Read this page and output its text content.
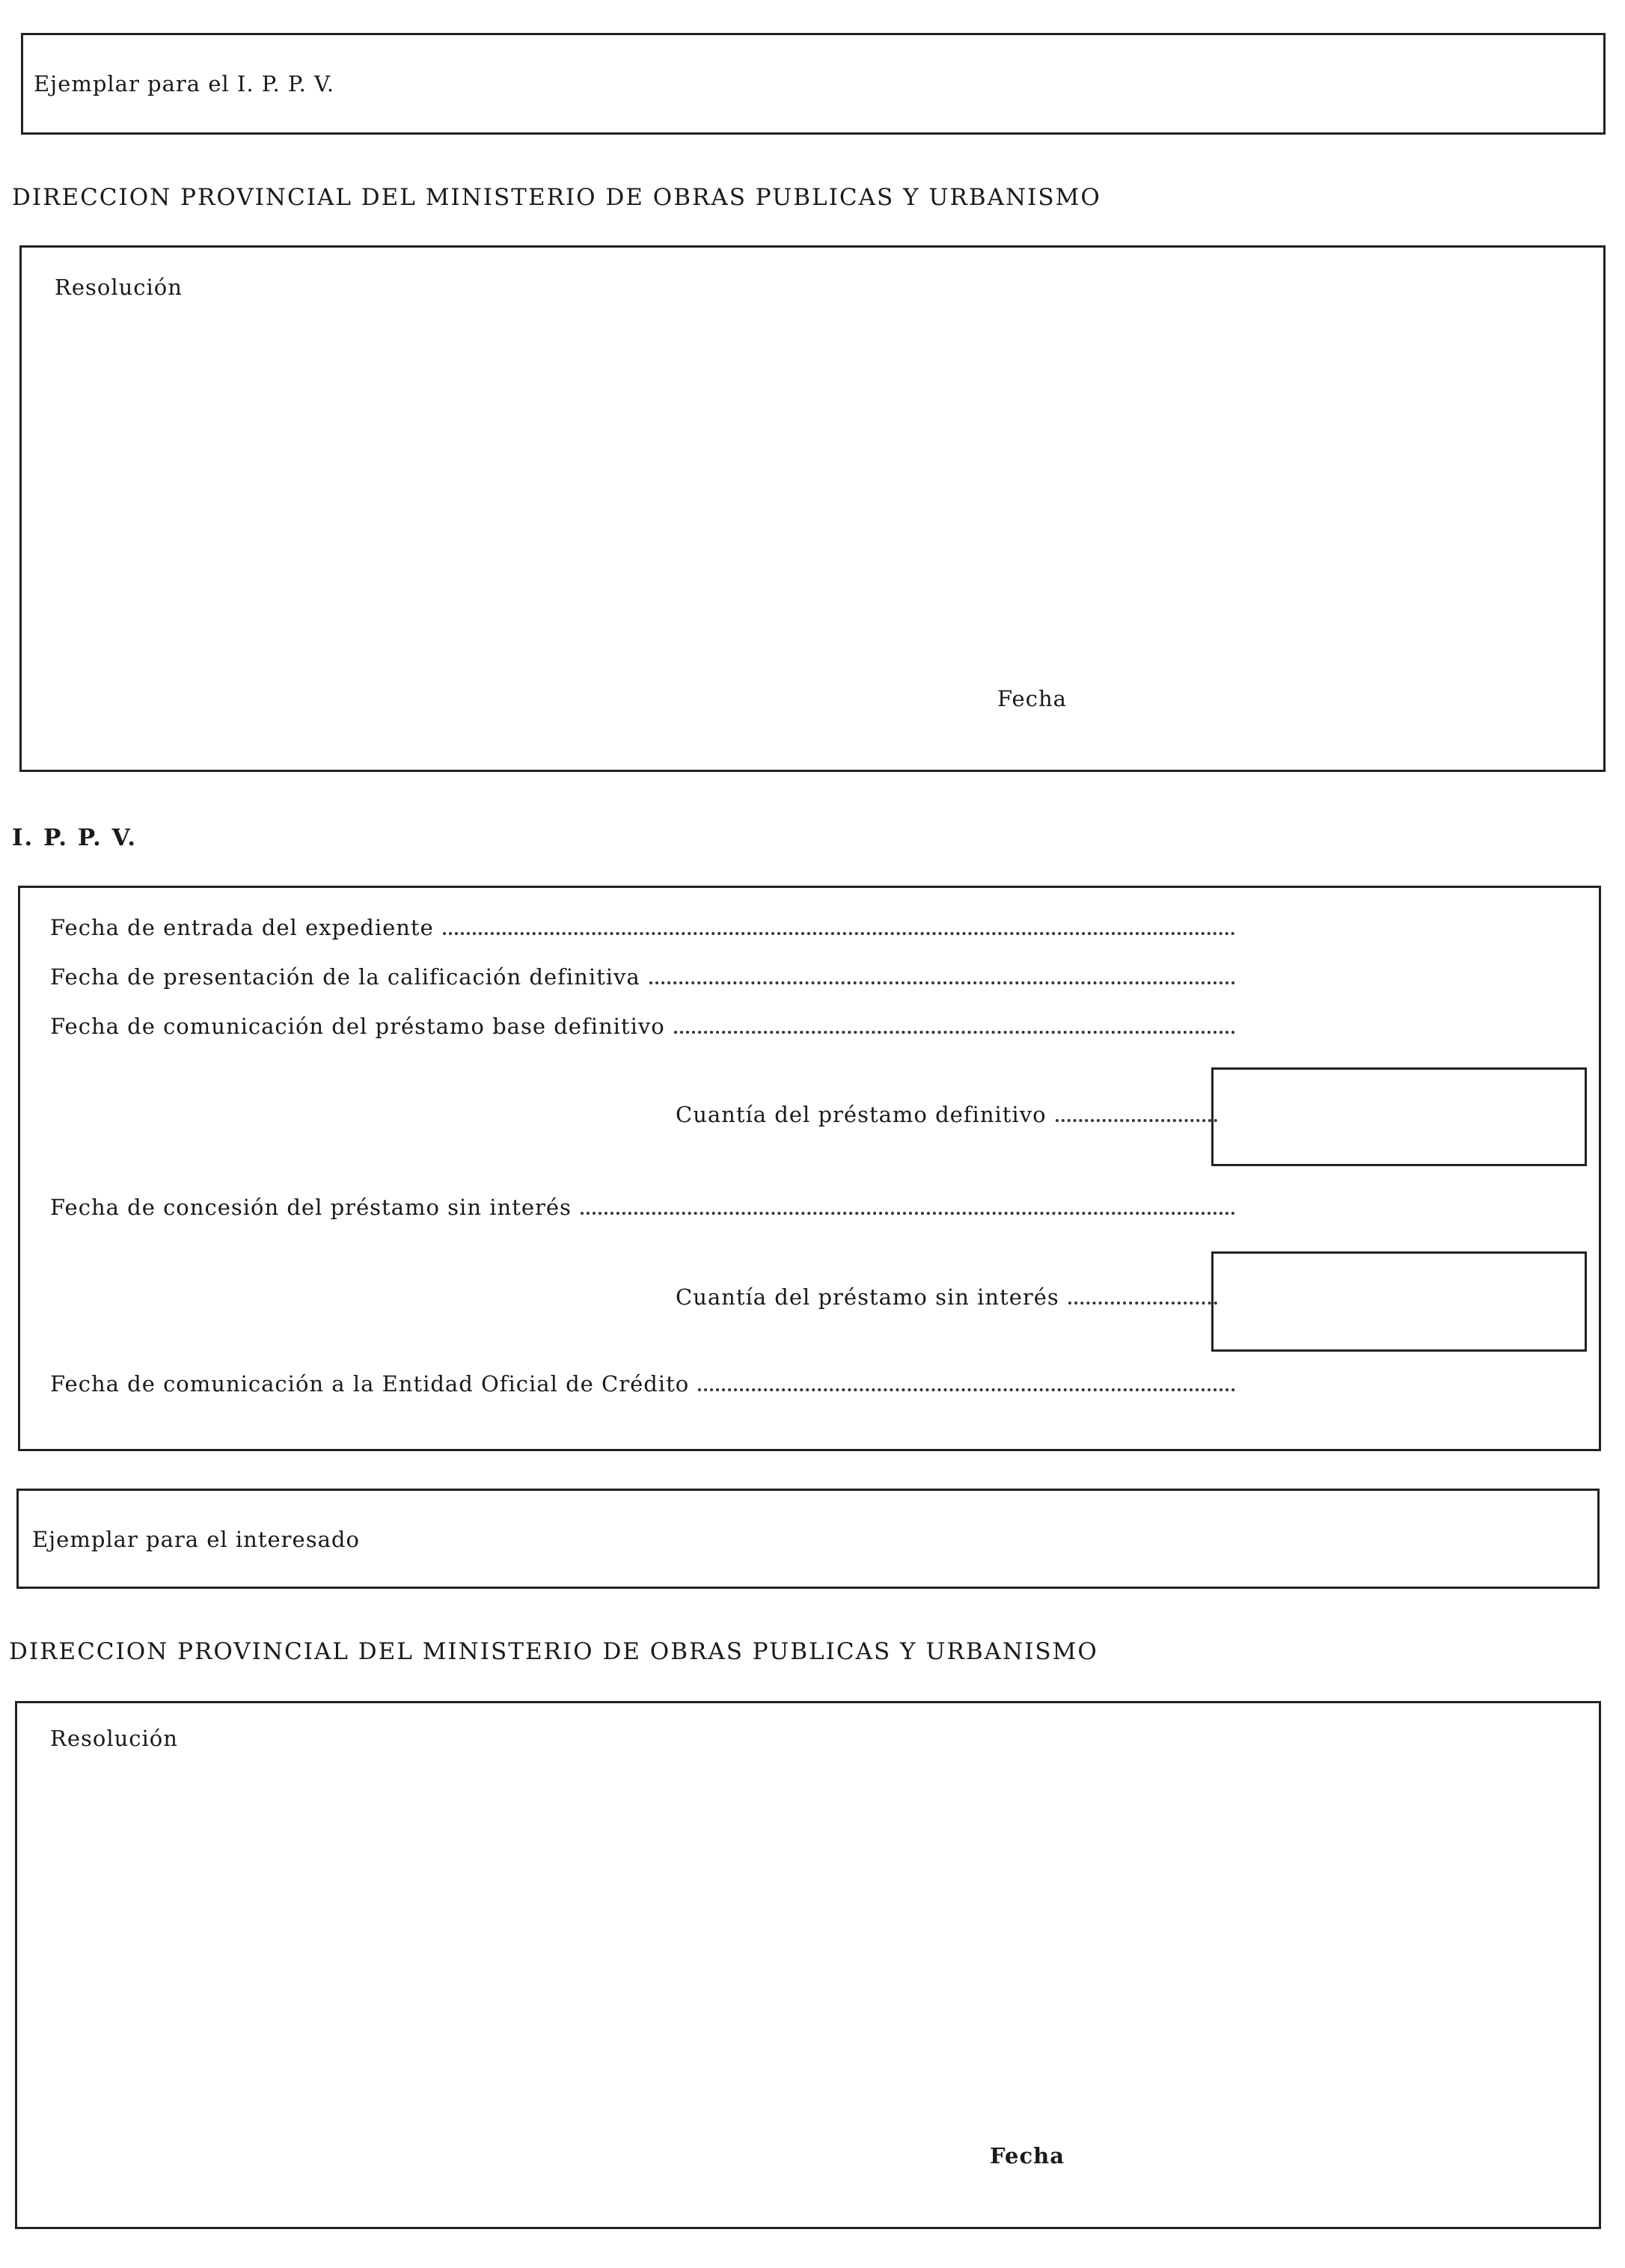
Ejemplar para el I. P. P. V.
DIRECCION PROVINCIAL DEL MINISTERIO DE OBRAS PUBLICAS Y URBANISMO
Resolución
Fecha
I. P. P. V.
Fecha de entrada del expediente
Fecha de presentación de la calificación definitiva
Fecha de comunicación del préstamo base definitivo
Cuantía del préstamo definitivo
Fecha de concesión del préstamo sin interés
Cuantía del préstamo sin interés
Fecha de comunicación a la Entidad Oficial de Crédito
Ejemplar para el interesado
DIRECCION PROVINCIAL DEL MINISTERIO DE OBRAS PUBLICAS Y URBANISMO
Resolución
Fecha
